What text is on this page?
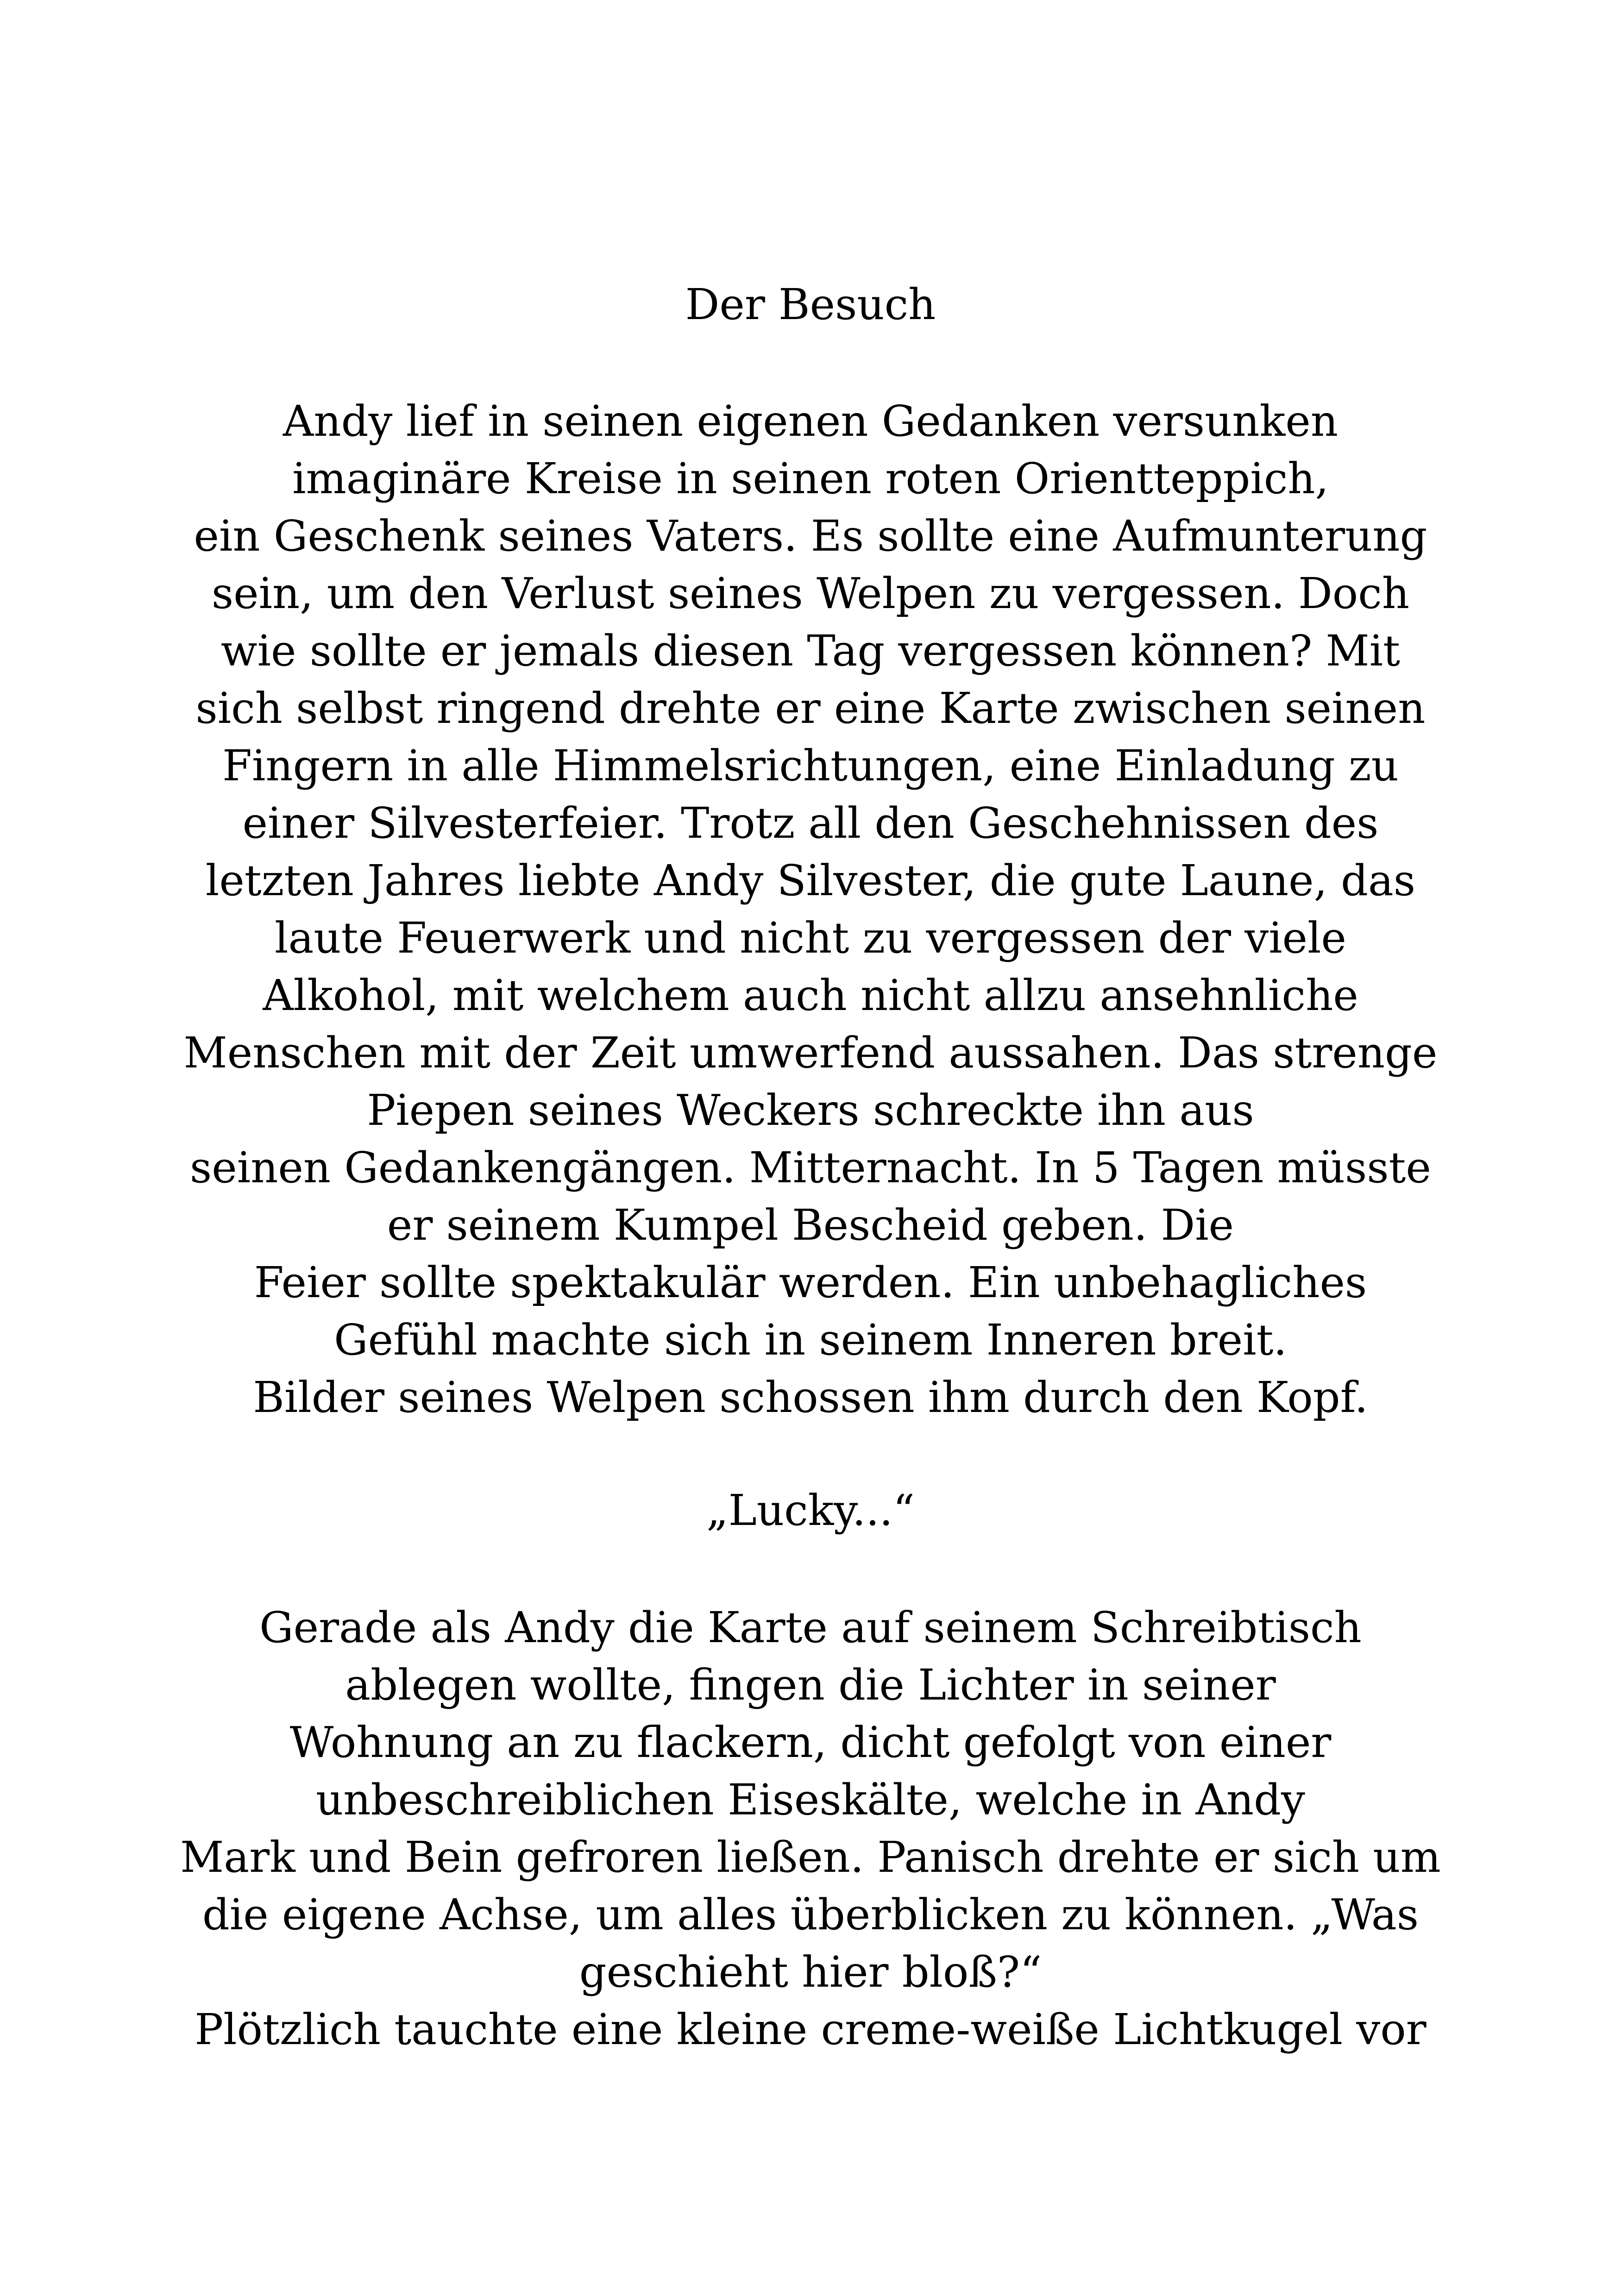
Der Besuch
Andy lief in seinen eigenen Gedanken versunken
imaginäre Kreise in seinen roten Orientteppich,
ein Geschenk seines Vaters. Es sollte eine Aufmunterung
sein, um den Verlust seines Welpen zu vergessen. Doch
wie sollte er jemals diesen Tag vergessen können? Mit
sich selbst ringend drehte er eine Karte zwischen seinen
Fingern in alle Himmelsrichtungen, eine Einladung zu
einer Silvesterfeier. Trotz all den Geschehnissen des
letzten Jahres liebte Andy Silvester, die gute Laune, das
laute Feuerwerk und nicht zu vergessen der viele
Alkohol, mit welchem auch nicht allzu ansehnliche
Menschen mit der Zeit umwerfend aussahen. Das strenge
Piepen seines Weckers schreckte ihn aus
seinen Gedankengängen. Mitternacht. In 5 Tagen müsste
er seinem Kumpel Bescheid geben. Die
Feier sollte spektakulär werden. Ein unbehagliches
Gefühl machte sich in seinem Inneren breit.
Bilder seines Welpen schossen ihm durch den Kopf.
„Lucky...“
Gerade als Andy die Karte auf seinem Schreibtisch
ablegen wollte, fingen die Lichter in seiner
Wohnung an zu flackern, dicht gefolgt von einer
unbeschreiblichen Eiseskälte, welche in Andy
Mark und Bein gefroren ließen. Panisch drehte er sich um
die eigene Achse, um alles überblicken zu können. „Was
geschieht hier bloß?“
Plötzlich tauchte eine kleine creme-weiße Lichtkugel vor
